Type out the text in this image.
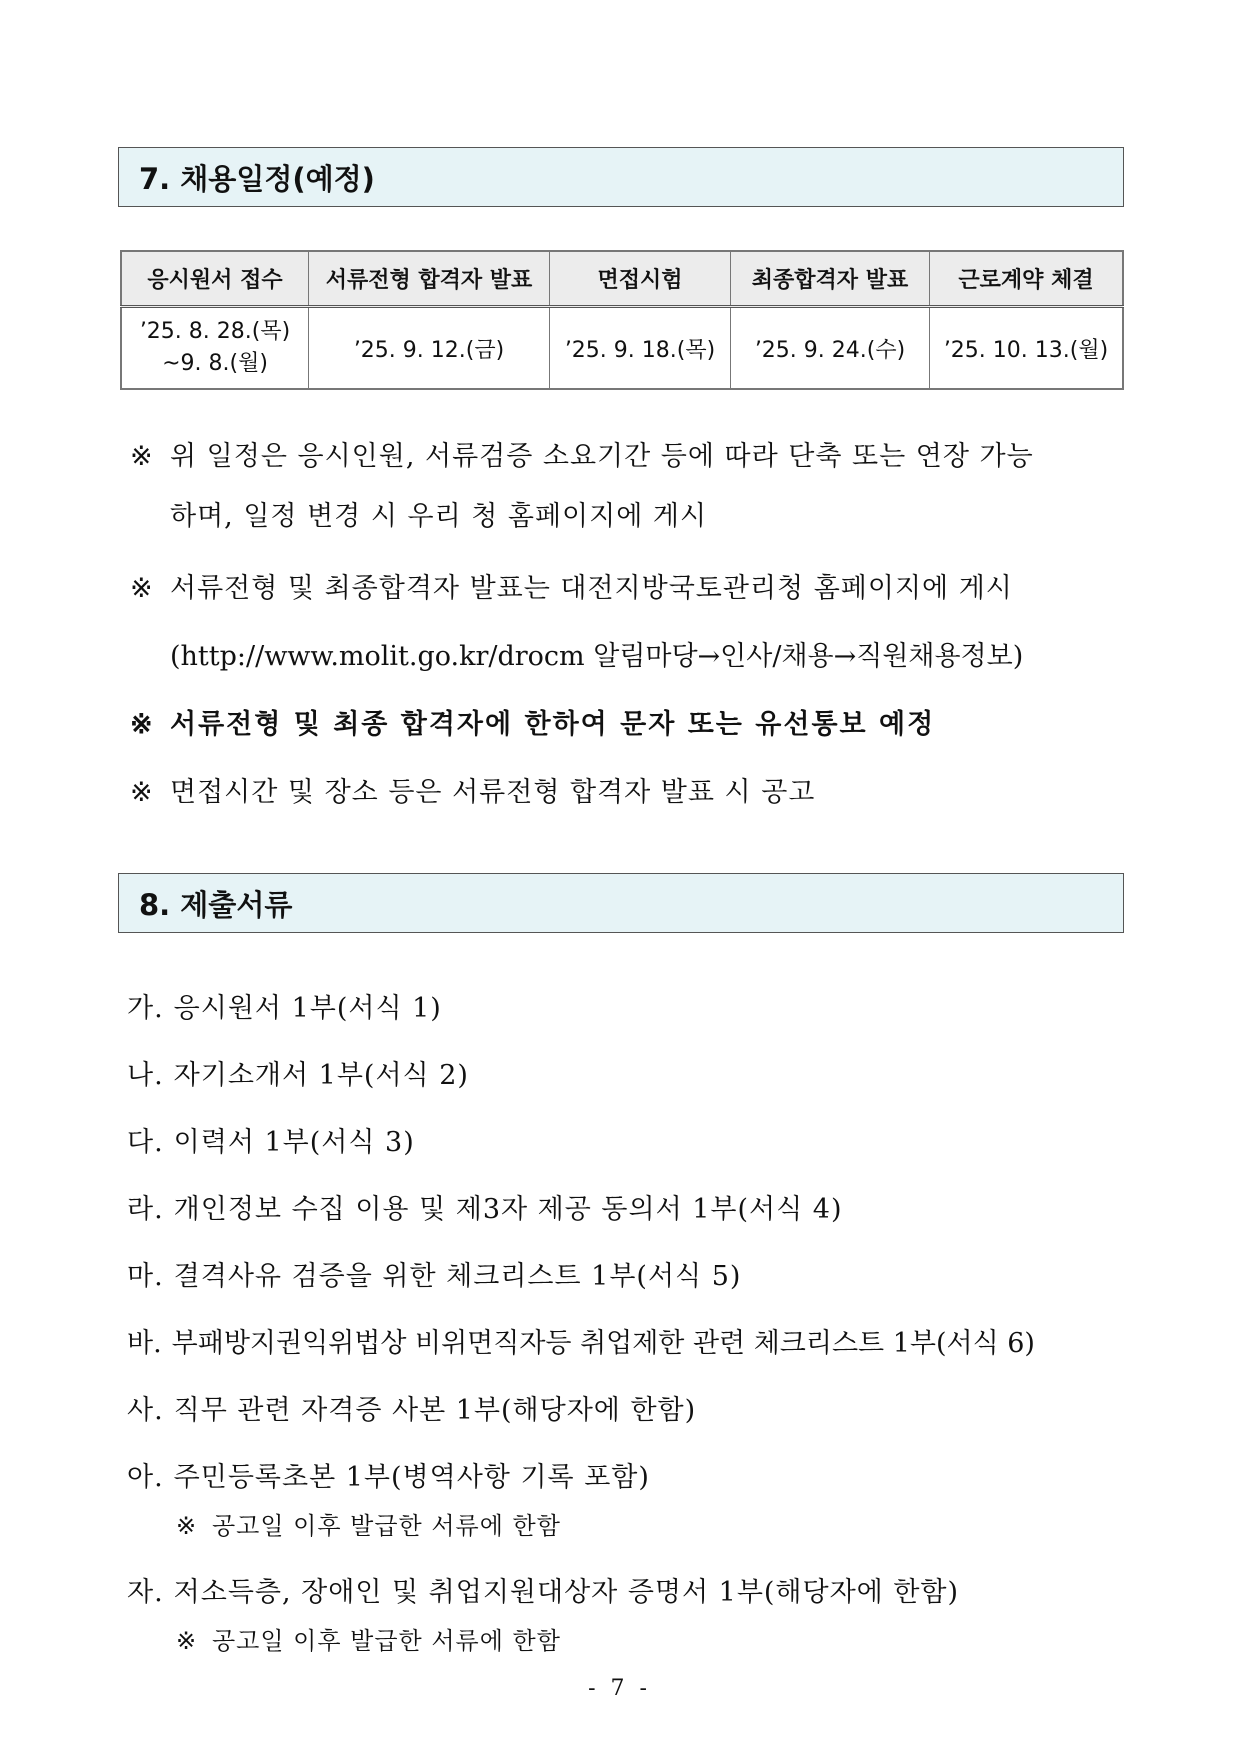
7. 채용일정(예정)
응시원서 접수	서류전형 합격자 발표	면접시험	최종합격자 발표	근로계약 체결

’25. 8. 28.(목)
~9. 8.(월)	’25. 9. 12.(금)	’25. 9. 18.(목)	’25. 9. 24.(수)	’25. 10. 13.(월)
※ 위 일정은 응시인원, 서류검증 소요기간 등에 따라 단축 또는 연장 가능
하며, 일정 변경 시 우리 청 홈페이지에 게시
※ 서류전형 및 최종합격자 발표는 대전지방국토관리청 홈페이지에 게시
(http://www.molit.go.kr/drocm 알림마당→인사/채용→직원채용정보)
※ 서류전형 및 최종 합격자에 한하여 문자 또는 유선통보 예정
※ 면접시간 및 장소 등은 서류전형 합격자 발표 시 공고
8. 제출서류
가. 응시원서 1부(서식 1)
나. 자기소개서 1부(서식 2)
다. 이력서 1부(서식 3)
라. 개인정보 수집 이용 및 제3자 제공 동의서 1부(서식 4)
마. 결격사유 검증을 위한 체크리스트 1부(서식 5)
바. 부패방지권익위법상 비위면직자등 취업제한 관련 체크리스트 1부(서식 6)
사. 직무 관련 자격증 사본 1부(해당자에 한함)
아. 주민등록초본 1부(병역사항 기록 포함)
※ 공고일 이후 발급한 서류에 한함
자. 저소득층, 장애인 및 취업지원대상자 증명서 1부(해당자에 한함)
※ 공고일 이후 발급한 서류에 한함
- 7 -
